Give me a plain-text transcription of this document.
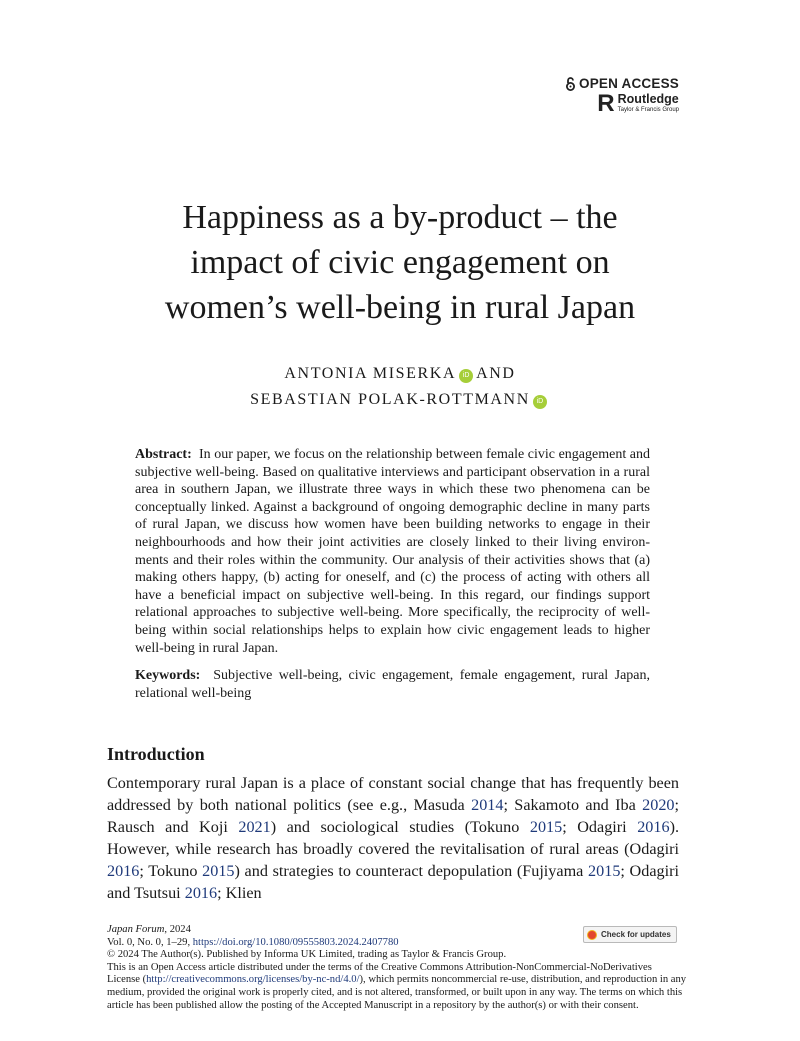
OPEN ACCESS
R Routledge
Taylor & Francis Group
Happiness as a by-product – the
impact of civic engagement on
women’s well-being in rural Japan
ANTONIA MISERKA iD AND
SEBASTIAN POLAK-ROTTMANN iD
Abstract: In our paper, we focus on the relationship between female civic engagement and subjective well-being. Based on qualitative interviews and participant observation in a rural area in southern Japan, we illustrate three ways in which these two phenomena can be conceptually linked. Against a background of ongoing demographic decline in many parts of rural Japan, we discuss how women have been building networks to engage in their neighbourhoods and how their joint activities are closely linked to their living environments and their roles within the community. Our analysis of their activities shows that (a) making others happy, (b) acting for oneself, and (c) the process of acting with others all have a beneficial impact on subjective well-being. In this regard, our findings support relational approaches to subjective well-being. More specifically, the reciprocity of well-being within social relationships helps to explain how civic engagement leads to higher well-being in rural Japan.
Keywords: Subjective well-being, civic engagement, female engagement, rural Japan, relational well-being
Introduction
Contemporary rural Japan is a place of constant social change that has frequently been addressed by both national politics (see e.g., Masuda 2014; Sakamoto and Iba 2020; Rausch and Koji 2021) and sociological studies (Tokuno 2015; Odagiri 2016). However, while research has broadly covered the revitalisation of rural areas (Odagiri 2016; Tokuno 2015) and strategies to counteract depopulation (Fujiyama 2015; Odagiri and Tsutsui 2016; Klien
Check for updates
Japan Forum, 2024
Vol. 0, No. 0, 1–29, https://doi.org/10.1080/09555803.2024.2407780
© 2024 The Author(s). Published by Informa UK Limited, trading as Taylor & Francis Group.
This is an Open Access article distributed under the terms of the Creative Commons Attribution-NonCommercial-NoDerivatives License (http://creativecommons.org/licenses/by-nc-nd/4.0/), which permits noncommercial re-use, distribution, and reproduction in any medium, provided the original work is properly cited, and is not altered, transformed, or built upon in any way. The terms on which this article has been published allow the posting of the Accepted Manuscript in a repository by the author(s) or with their consent.
